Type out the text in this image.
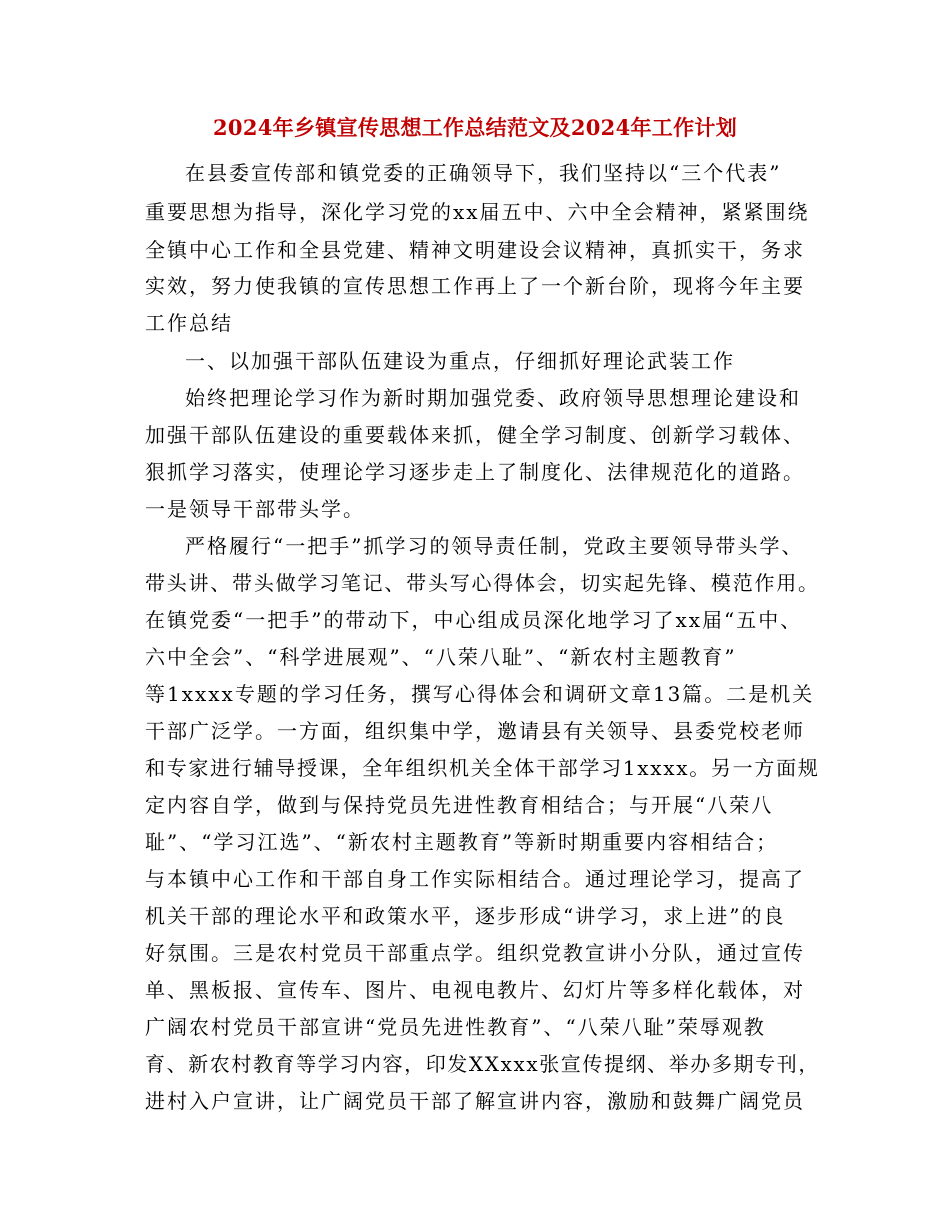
2024年乡镇宣传思想工作总结范文及2024年工作计划
在县委宣传部和镇党委的正确领导下，我们坚持以“三个代表”
重要思想为指导，深化学习党的xx届五中、六中全会精神，紧紧围绕
全镇中心工作和全县党建、精神文明建设会议精神，真抓实干，务求
实效，努力使我镇的宣传思想工作再上了一个新台阶，现将今年主要
工作总结
一、以加强干部队伍建设为重点，仔细抓好理论武装工作
始终把理论学习作为新时期加强党委、政府领导思想理论建设和
加强干部队伍建设的重要载体来抓，健全学习制度、创新学习载体、
狠抓学习落实，使理论学习逐步走上了制度化、法律规范化的道路。
一是领导干部带头学。
严格履行“一把手”抓学习的领导责任制，党政主要领导带头学、
带头讲、带头做学习笔记、带头写心得体会，切实起先锋、模范作用。
在镇党委“一把手”的带动下，中心组成员深化地学习了xx届“五中、
六中全会”、“科学进展观”、“八荣八耻”、“新农村主题教育”
等1xxxx专题的学习任务，撰写心得体会和调研文章13篇。二是机关
干部广泛学。一方面，组织集中学，邀请县有关领导、县委党校老师
和专家进行辅导授课，全年组织机关全体干部学习1xxxx。另一方面规
定内容自学，做到与保持党员先进性教育相结合；与开展“八荣八
耻”、“学习江选”、“新农村主题教育”等新时期重要内容相结合；
与本镇中心工作和干部自身工作实际相结合。通过理论学习，提高了
机关干部的理论水平和政策水平，逐步形成“讲学习，求上进”的良
好氛围。三是农村党员干部重点学。组织党教宣讲小分队，通过宣传
单、黑板报、宣传车、图片、电视电教片、幻灯片等多样化载体，对
广阔农村党员干部宣讲“党员先进性教育”、“八荣八耻”荣辱观教
育、新农村教育等学习内容，印发XXxxx张宣传提纲、举办多期专刊，
进村入户宣讲，让广阔党员干部了解宣讲内容，激励和鼓舞广阔党员
